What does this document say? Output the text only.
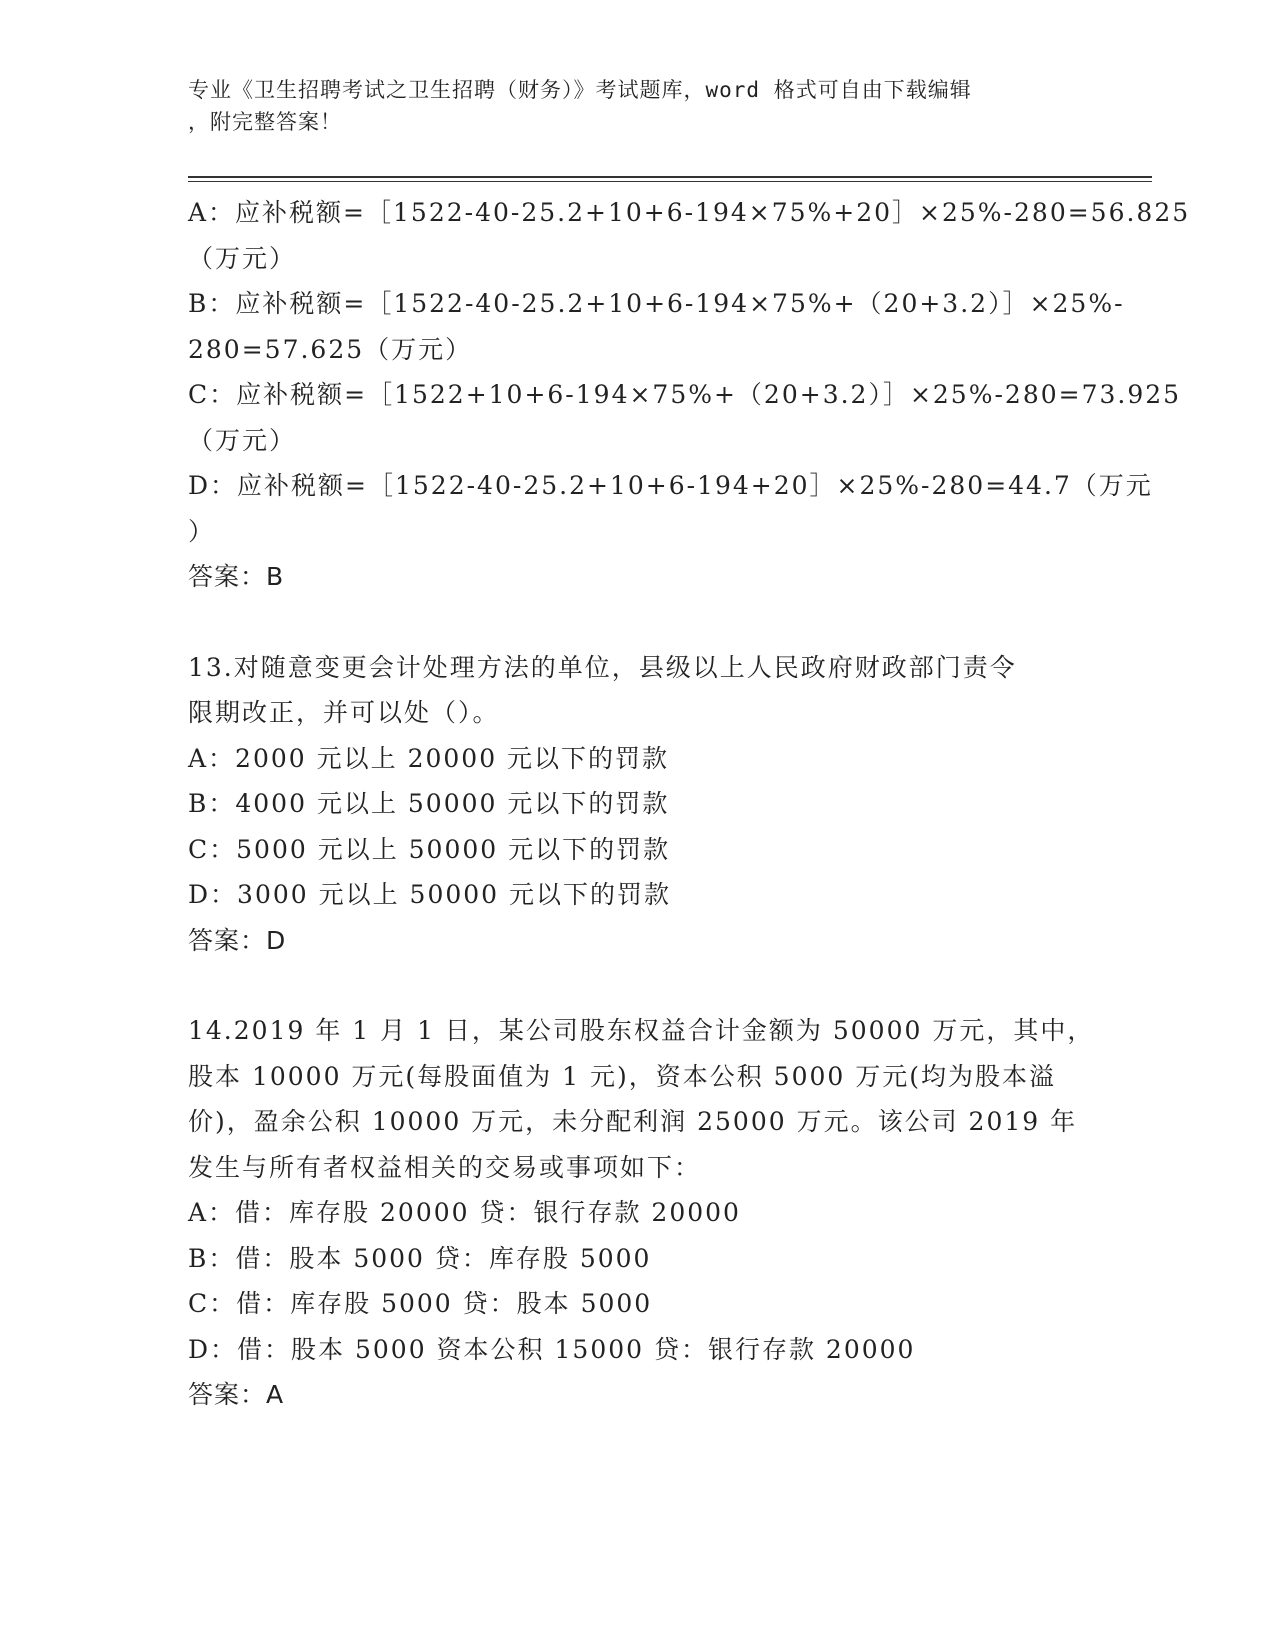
专业《卫生招聘考试之卫生招聘（财务）》考试题库，word 格式可自由下载编辑
，附完整答案！
A：应补税额=［1522-40-25.2+10+6-194×75%+20］×25%-280=56.825
（万元）
B：应补税额=［1522-40-25.2+10+6-194×75%+（20+3.2）］×25%-
280=57.625（万元）
C：应补税额=［1522+10+6-194×75%+（20+3.2）］×25%-280=73.925
（万元）
D：应补税额=［1522-40-25.2+10+6-194+20］×25%-280=44.7（万元
）
答案：B
13.对随意变更会计处理方法的单位，县级以上人民政府财政部门责令
限期改正，并可以处（）。
A：2000 元以上 20000 元以下的罚款
B：4000 元以上 50000 元以下的罚款
C：5000 元以上 50000 元以下的罚款
D：3000 元以上 50000 元以下的罚款
答案：D
14.2019 年 1 月 1 日，某公司股东权益合计金额为 50000 万元，其中，
股本 10000 万元(每股面值为 1 元)，资本公积 5000 万元(均为股本溢
价)，盈余公积 10000 万元，未分配利润 25000 万元。该公司 2019 年
发生与所有者权益相关的交易或事项如下：
A：借：库存股 20000 贷：银行存款 20000
B：借：股本 5000 贷：库存股 5000
C：借：库存股 5000 贷：股本 5000
D：借：股本 5000 资本公积 15000 贷：银行存款 20000
答案：A
